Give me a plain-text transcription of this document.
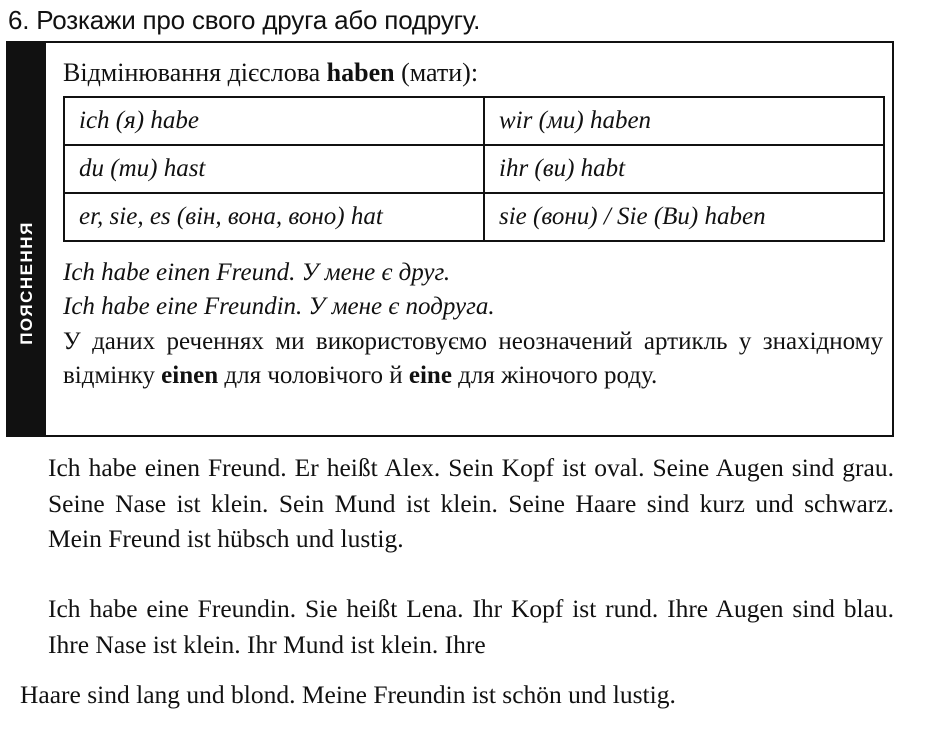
6. Розкажи про свого друга або подругу.
ПОЯСНЕННЯ
Відмінювання дієслова haben (мати):
ich (я) habe	wir (ми) haben
du (ти) hast	ihr (ви) habt
er, sie, es (він, вона, воно) hat	sie (вони) / Sie (Ви) haben
Ich habe einen Freund. У мене є друг.
Ich habe eine Freundin. У мене є подруга.
У даних реченнях ми використовуємо неозначений артикль у знахідному відмінку einen для чоловічого й eine для жіночого роду.

Ich habe einen Freund. Er heißt Alex. Sein Kopf ist oval. Seine Augen sind grau. Seine Nase ist klein. Sein Mund ist klein. Seine Haare sind kurz und schwarz. Mein Freund ist hübsch und lustig.

Ich habe eine Freundin. Sie heißt Lena. Ihr Kopf ist rund. Ihre Augen sind blau. Ihre Nase ist klein. Ihr Mund ist klein. Ihre

Haare sind lang und blond. Meine Freundin ist schön und lustig.
